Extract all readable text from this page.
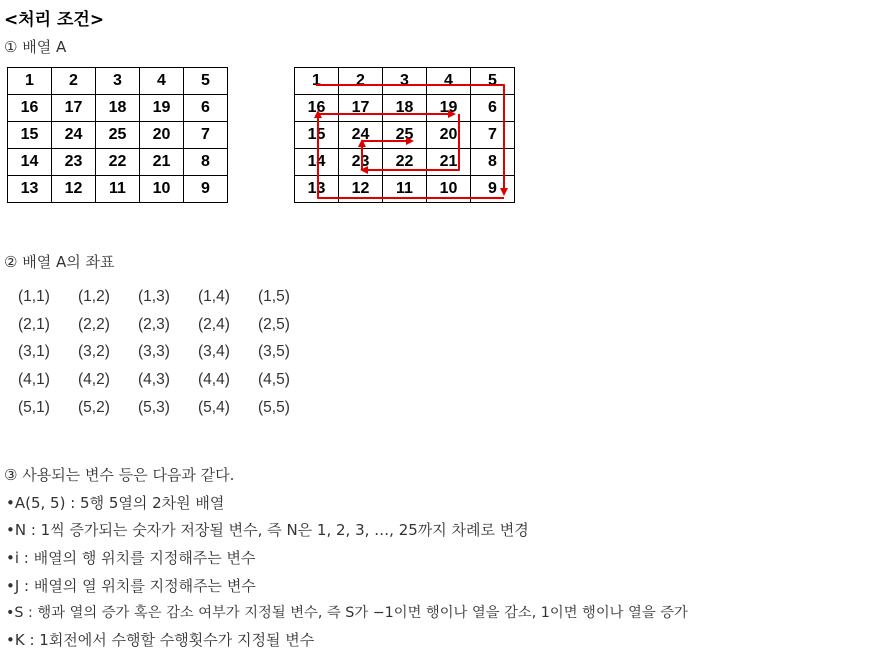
<처리 조건>
① 배열 A
1	2	3	4	5
16	17	18	19	6
15	24	25	20	7
14	23	22	21	8
13	12	11	10	9
1	2	3	4	5
16	17	18	19	6
15	24	25	20	7
14	23	22	21	8
13	12	11	10	9
② 배열 A의 좌표
(1,1) (1,2) (1,3) (1,4) (1,5)
(2,1) (2,2) (2,3) (2,4) (2,5)
(3,1) (3,2) (3,3) (3,4) (3,5)
(4,1) (4,2) (4,3) (4,4) (4,5)
(5,1) (5,2) (5,3) (5,4) (5,5)
③ 사용되는 변수 등은 다음과 같다.
•A(5, 5) : 5행 5열의 2차원 배열
•N : 1씩 증가되는 숫자가 저장될 변수, 즉 N은 1, 2, 3, …, 25까지 차례로 변경
•i : 배열의 행 위치를 지정해주는 변수
•J : 배열의 열 위치를 지정해주는 변수
•S : 행과 열의 증가 혹은 감소 여부가 지정될 변수, 즉 S가 −1이면 행이나 열을 감소, 1이면 행이나 열을 증가
•K : 1회전에서 수행할 수행횟수가 지정될 변수
